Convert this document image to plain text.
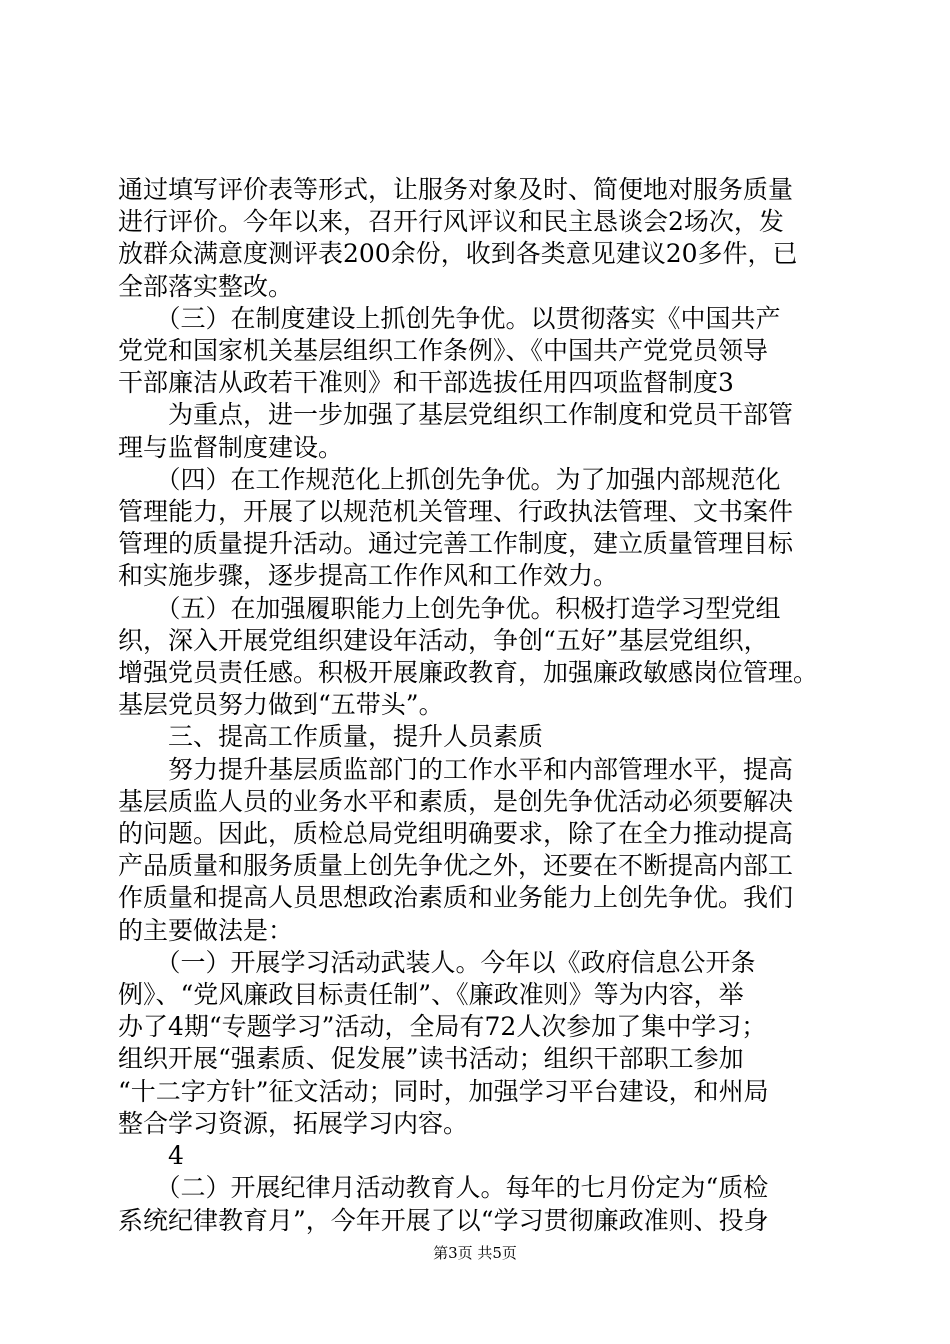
通过填写评价表等形式，让服务对象及时、简便地对服务质量

进行评价。今年以来，召开行风评议和民主恳谈会2场次，发

放群众满意度测评表200余份，收到各类意见建议20多件，已

全部落实整改。

　　（三）在制度建设上抓创先争优。以贯彻落实《中国共产

党党和国家机关基层组织工作条例》、《中国共产党党员领导

干部廉洁从政若干准则》和干部选拔任用四项监督制度3

　　为重点，进一步加强了基层党组织工作制度和党员干部管

理与监督制度建设。

　　（四）在工作规范化上抓创先争优。为了加强内部规范化

管理能力，开展了以规范机关管理、行政执法管理、文书案件

管理的质量提升活动。通过完善工作制度，建立质量管理目标

和实施步骤，逐步提高工作作风和工作效力。

　　（五）在加强履职能力上创先争优。积极打造学习型党组

织，深入开展党组织建设年活动，争创“五好”基层党组织，

增强党员责任感。积极开展廉政教育，加强廉政敏感岗位管理。

基层党员努力做到“五带头”。

　　三、提高工作质量，提升人员素质

　　努力提升基层质监部门的工作水平和内部管理水平，提高

基层质监人员的业务水平和素质，是创先争优活动必须要解决

的问题。因此，质检总局党组明确要求，除了在全力推动提高

产品质量和服务质量上创先争优之外，还要在不断提高内部工

作质量和提高人员思想政治素质和业务能力上创先争优。我们

的主要做法是：

　　（一）开展学习活动武装人。今年以《政府信息公开条

例》、“党风廉政目标责任制”、《廉政准则》等为内容，举

办了4期“专题学习”活动，全局有72人次参加了集中学习；

组织开展“强素质、促发展”读书活动；组织干部职工参加

“十二字方针”征文活动；同时，加强学习平台建设，和州局

整合学习资源，拓展学习内容。

　　4

　　（二）开展纪律月活动教育人。每年的七月份定为“质检

系统纪律教育月”，今年开展了以“学习贯彻廉政准则、投身

第3页 共5页
